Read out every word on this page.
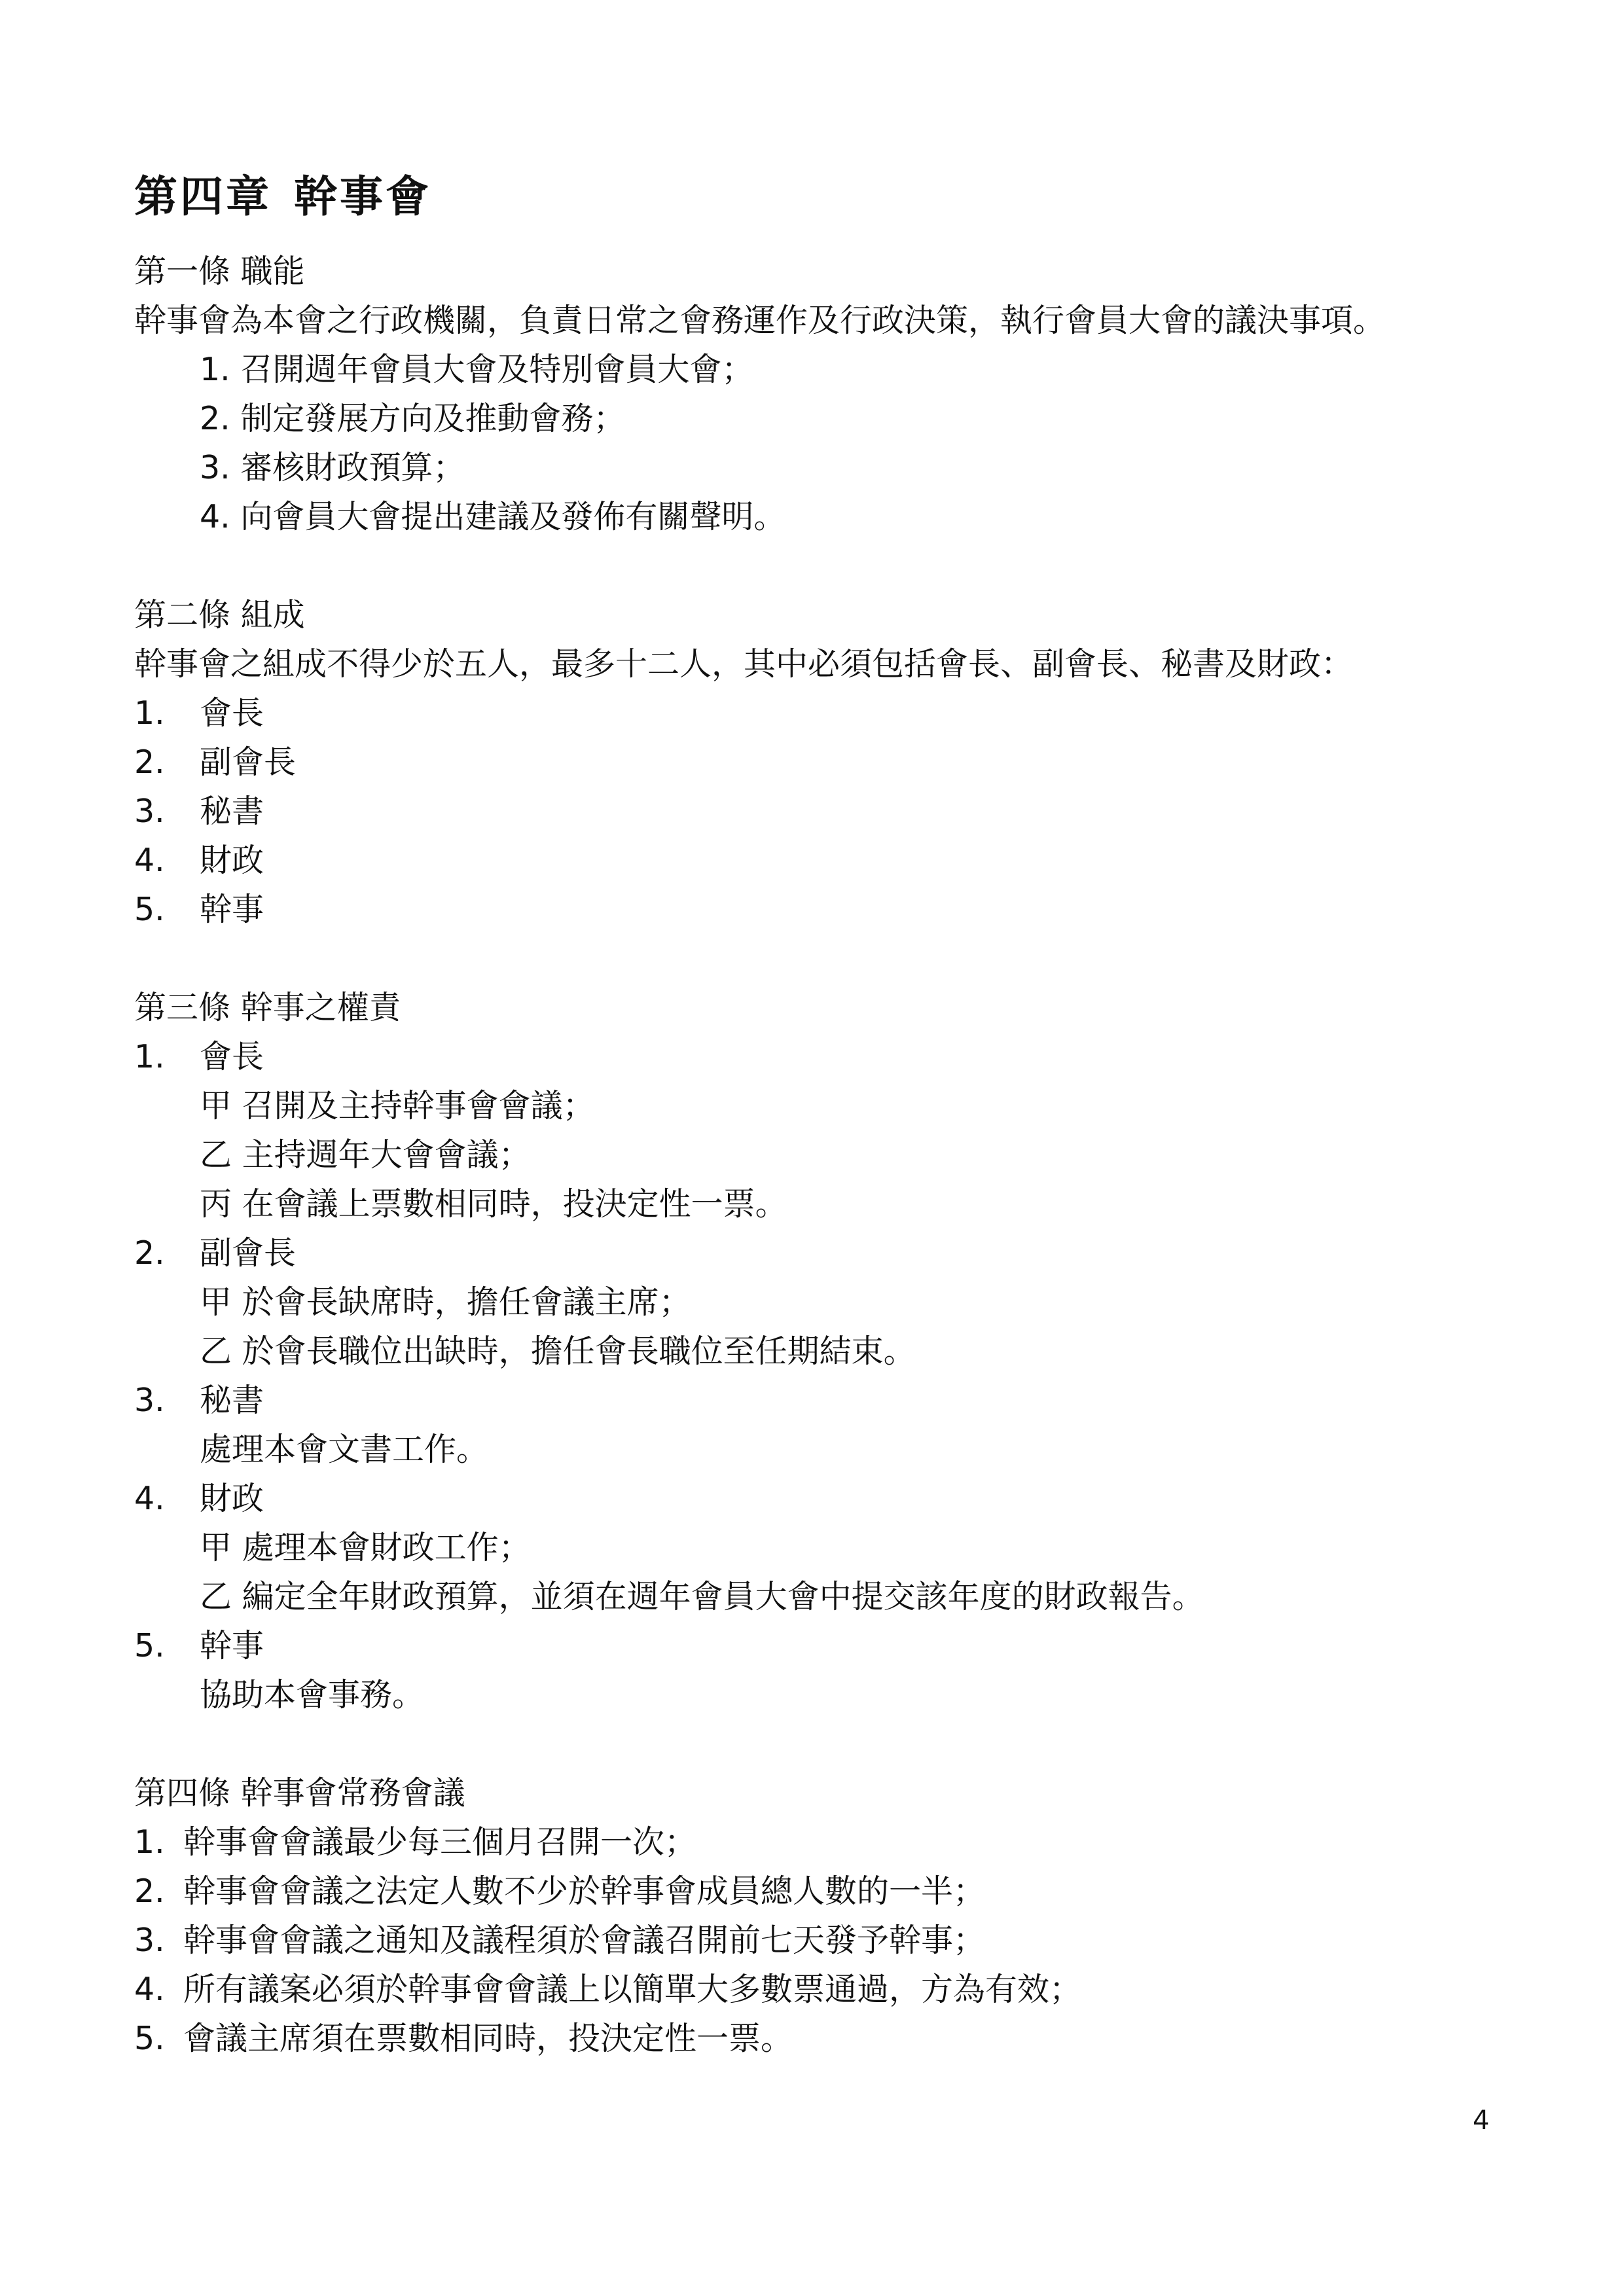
第四章 幹事會
第一條 職能
幹事會為本會之行政機關，負責日常之會務運作及行政決策，執行會員大會的議決事項。
1. 召開週年會員大會及特別會員大會；
2. 制定發展方向及推動會務；
3. 審核財政預算；
4. 向會員大會提出建議及發佈有關聲明。
第二條 組成
幹事會之組成不得少於五人，最多十二人，其中必須包括會長、副會長、秘書及財政：
1. 會長
2. 副會長
3. 秘書
4. 財政
5. 幹事
第三條 幹事之權責
1. 會長
甲 召開及主持幹事會會議；
乙 主持週年大會會議；
丙 在會議上票數相同時，投決定性一票。
2. 副會長
甲 於會長缺席時，擔任會議主席；
乙 於會長職位出缺時，擔任會長職位至任期結束。
3. 秘書
處理本會文書工作。
4. 財政
甲 處理本會財政工作；
乙 編定全年財政預算，並須在週年會員大會中提交該年度的財政報告。
5. 幹事
協助本會事務。
第四條 幹事會常務會議
1. 幹事會會議最少每三個月召開一次；
2. 幹事會會議之法定人數不少於幹事會成員總人數的一半；
3. 幹事會會議之通知及議程須於會議召開前七天發予幹事；
4. 所有議案必須於幹事會會議上以簡單大多數票通過，方為有效；
5. 會議主席須在票數相同時，投決定性一票。
4
